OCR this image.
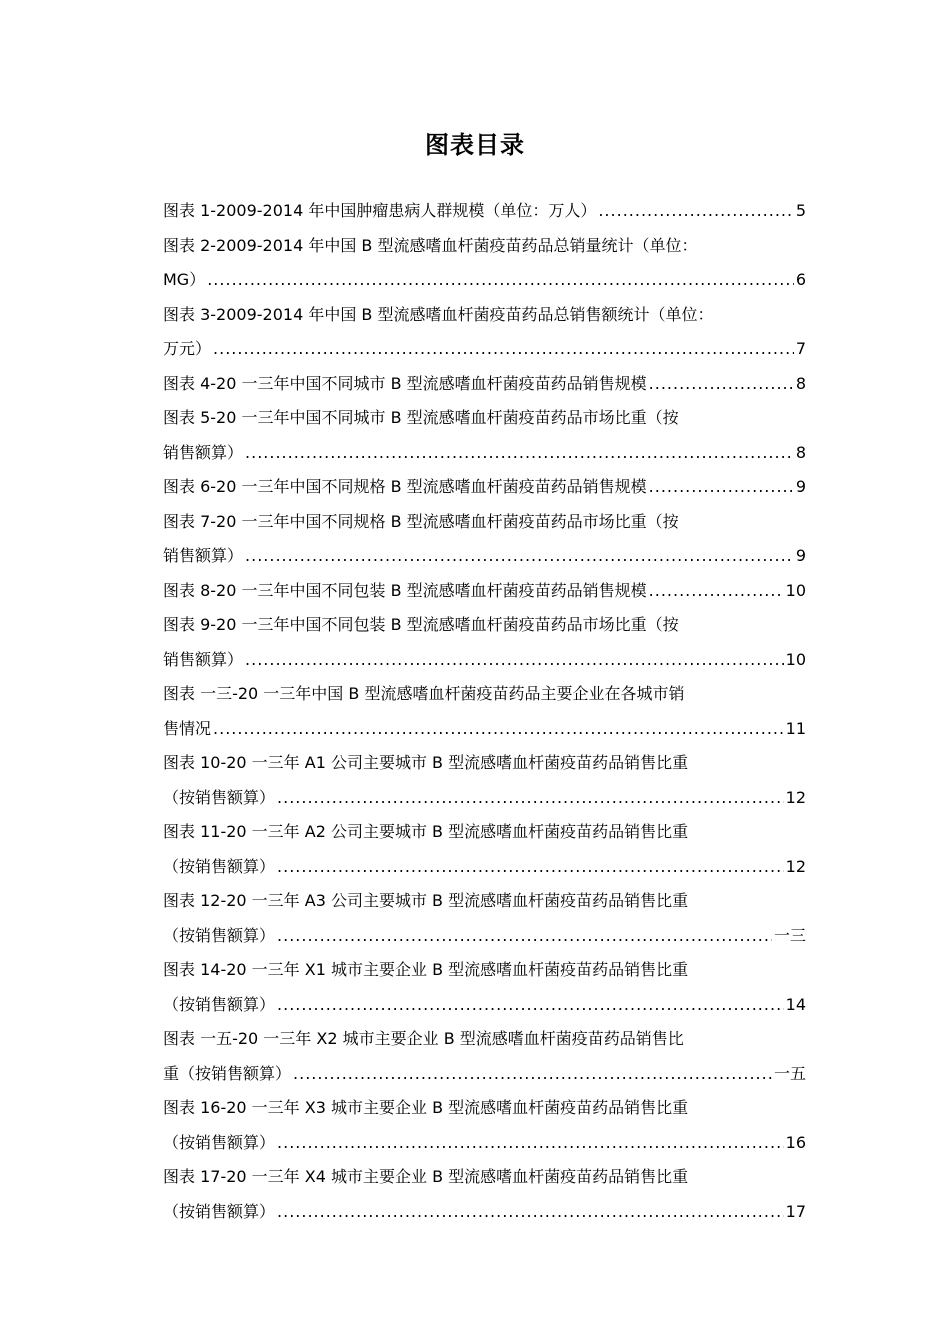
图表目录
图表 1-2009-2014 年中国肿瘤患病人群规模（单位：万人） .....	5
图表 2-2009-2014 年中国 B 型流感嗜血杆菌疫苗药品总销量统计（单位：
MG） .....	6
图表 3-2009-2014 年中国 B 型流感嗜血杆菌疫苗药品总销售额统计（单位：
万元） .....	7
图表 4-20 一三年中国不同城市 B 型流感嗜血杆菌疫苗药品销售规模 .....	8
图表 5-20 一三年中国不同城市 B 型流感嗜血杆菌疫苗药品市场比重（按
销售额算） .....	8
图表 6-20 一三年中国不同规格 B 型流感嗜血杆菌疫苗药品销售规模 .....	9
图表 7-20 一三年中国不同规格 B 型流感嗜血杆菌疫苗药品市场比重（按
销售额算） .....	9
图表 8-20 一三年中国不同包装 B 型流感嗜血杆菌疫苗药品销售规模 .....	10
图表 9-20 一三年中国不同包装 B 型流感嗜血杆菌疫苗药品市场比重（按
销售额算） .....	10
图表 一三-20 一三年中国 B 型流感嗜血杆菌疫苗药品主要企业在各城市销
售情况 .....	11
图表 10-20 一三年 A1 公司主要城市 B 型流感嗜血杆菌疫苗药品销售比重
（按销售额算） .....	12
图表 11-20 一三年 A2 公司主要城市 B 型流感嗜血杆菌疫苗药品销售比重
（按销售额算） .....	12
图表 12-20 一三年 A3 公司主要城市 B 型流感嗜血杆菌疫苗药品销售比重
（按销售额算） .....	一三
图表 14-20 一三年 X1 城市主要企业 B 型流感嗜血杆菌疫苗药品销售比重
（按销售额算） .....	14
图表 一五-20 一三年 X2 城市主要企业 B 型流感嗜血杆菌疫苗药品销售比
重（按销售额算） .....	一五
图表 16-20 一三年 X3 城市主要企业 B 型流感嗜血杆菌疫苗药品销售比重
（按销售额算） .....	16
图表 17-20 一三年 X4 城市主要企业 B 型流感嗜血杆菌疫苗药品销售比重
（按销售额算） .....	17
